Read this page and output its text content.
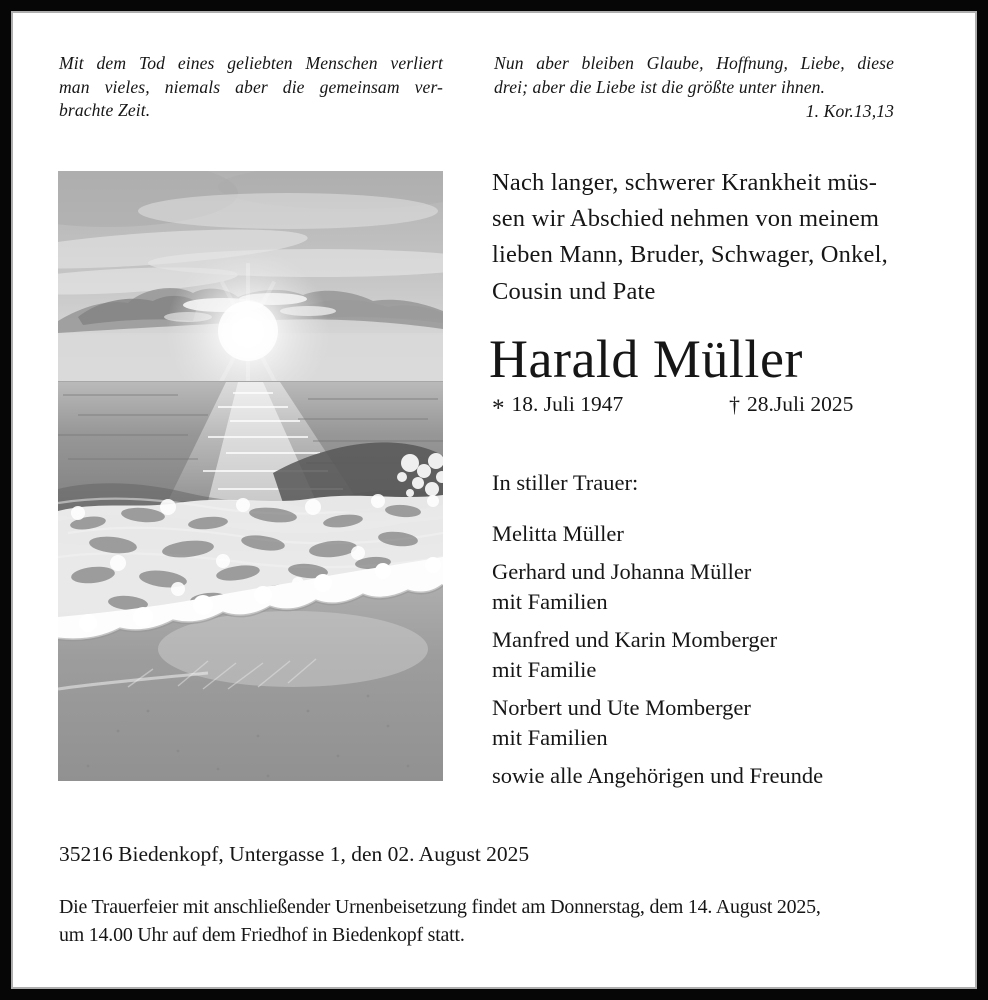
Mit dem Tod eines geliebten Menschen verliert
man vieles, niemals aber die gemeinsam ver-
brachte Zeit.
Nun aber bleiben Glaube, Hoffnung, Liebe, diese
drei; aber die Liebe ist die größte unter ihnen.
1. Kor.13,13
Nach langer, schwerer Krankheit müs-
sen wir Abschied nehmen von meinem
lieben Mann, Bruder, Schwager, Onkel,
Cousin und Pate
Harald Müller
* 18. Juli 1947	† 28.Juli 2025
In stiller Trauer:
Melitta Müller
Gerhard und Johanna Müller
mit Familien
Manfred und Karin Momberger
mit Familie
Norbert und Ute Momberger
mit Familien
sowie alle Angehörigen und Freunde
35216 Biedenkopf, Untergasse 1, den 02. August 2025
Die Trauerfeier mit anschließender Urnenbeisetzung findet am Donnerstag, dem 14. August 2025,
um 14.00 Uhr auf dem Friedhof in Biedenkopf statt.
